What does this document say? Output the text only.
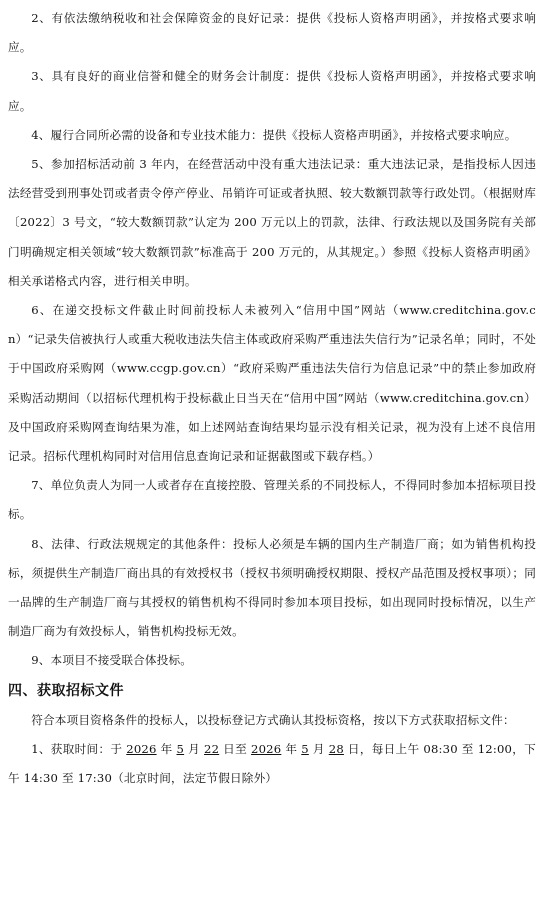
2、有依法缴纳税收和社会保障资金的良好记录：提供《投标人资格声明函》，并按格式要求响应。

3、具有良好的商业信誉和健全的财务会计制度：提供《投标人资格声明函》，并按格式要求响应。

4、履行合同所必需的设备和专业技术能力：提供《投标人资格声明函》，并按格式要求响应。

5、参加招标活动前 3 年内，在经营活动中没有重大违法记录：重大违法记录，是指投标人因违法经营受到刑事处罚或者责令停产停业、吊销许可证或者执照、较大数额罚款等行政处罚。（根据财库〔2022〕3 号文，“较大数额罚款”认定为 200 万元以上的罚款，法律、行政法规以及国务院有关部门明确规定相关领域“较大数额罚款”标准高于 200 万元的，从其规定。）参照《投标人资格声明函》相关承诺格式内容，进行相关申明。

6、在递交投标文件截止时间前投标人未被列入“信用中国”网站（www.creditchina.gov.cn）“记录失信被执行人或重大税收违法失信主体或政府采购严重违法失信行为”记录名单；同时，不处于中国政府采购网（www.ccgp.gov.cn）“政府采购严重违法失信行为信息记录”中的禁止参加政府采购活动期间（以招标代理机构于投标截止日当天在“信用中国”网站（www.creditchina.gov.cn）及中国政府采购网查询结果为准，如上述网站查询结果均显示没有相关记录，视为没有上述不良信用记录。招标代理机构同时对信用信息查询记录和证据截图或下载存档。）

7、单位负责人为同一人或者存在直接控股、管理关系的不同投标人，不得同时参加本招标项目投标。

8、法律、行政法规规定的其他条件：投标人必须是车辆的国内生产制造厂商；如为销售机构投标，须提供生产制造厂商出具的有效授权书（授权书须明确授权期限、授权产品范围及授权事项）；同一品牌的生产制造厂商与其授权的销售机构不得同时参加本项目投标，如出现同时投标情况，以生产制造厂商为有效投标人，销售机构投标无效。

9、本项目不接受联合体投标。

四、获取招标文件

符合本项目资格条件的投标人，以投标登记方式确认其投标资格，按以下方式获取招标文件：

1、获取时间：于 2026 年 5 月 22 日至 2026 年 5 月 28 日，每日上午 08:30 至 12:00，下午 14:30 至 17:30（北京时间，法定节假日除外）
